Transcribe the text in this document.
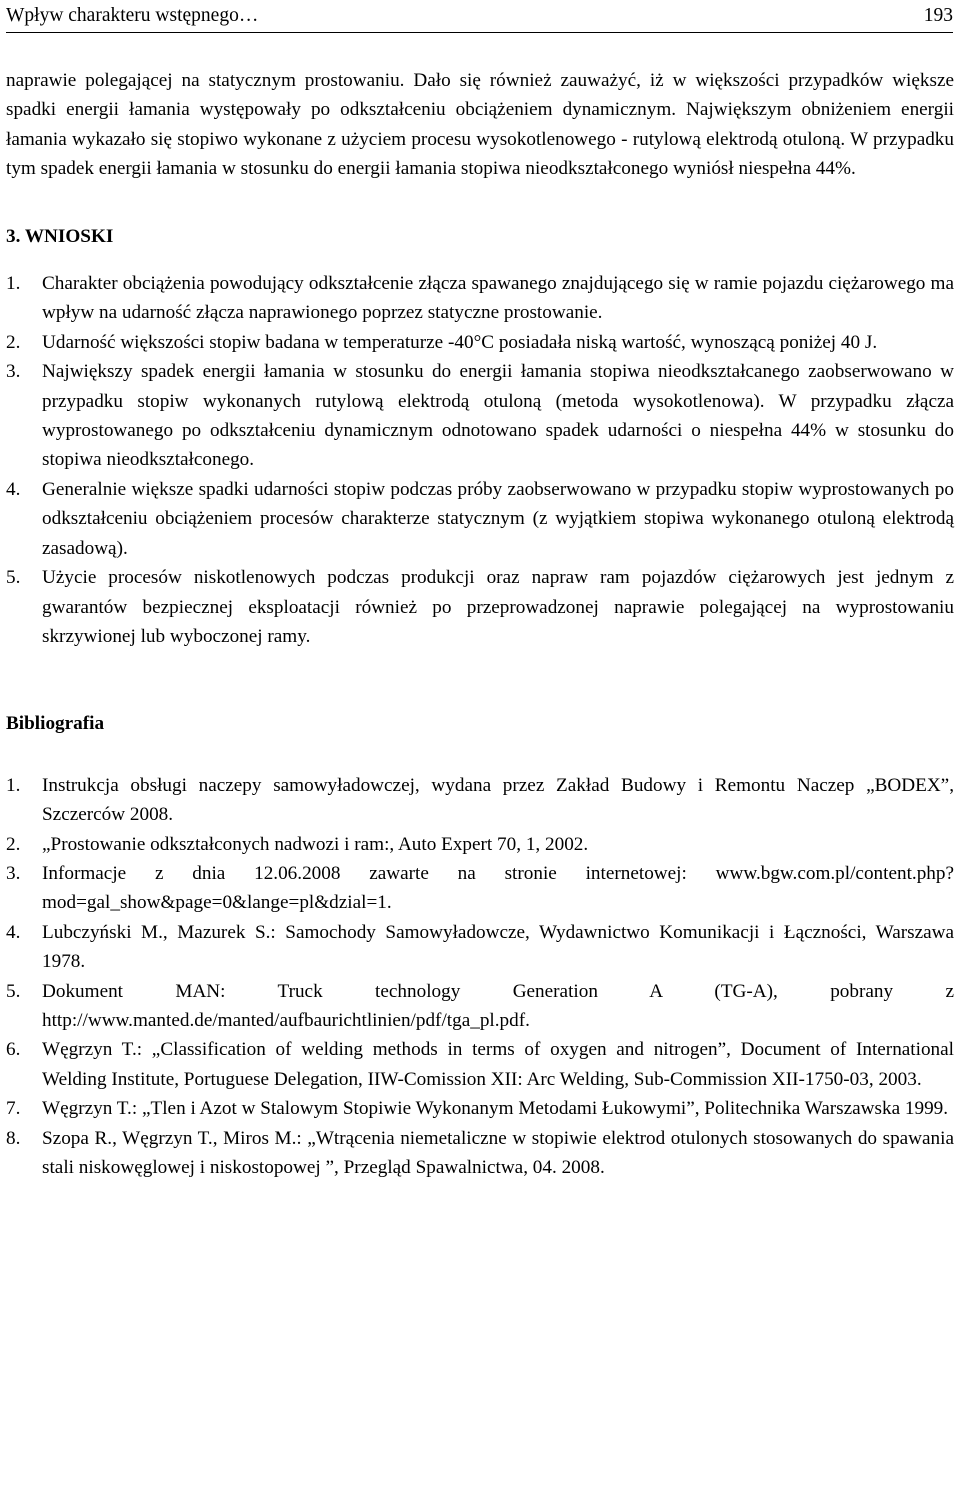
Wpływ charakteru wstępnego…	193

naprawie polegającej na statycznym prostowaniu. Dało się również zauważyć, iż w większości przypadków większe spadki energii łamania występowały po odkształceniu obciążeniem dynamicznym. Największym obniżeniem energii łamania wykazało się stopiwo wykonane z użyciem procesu wysokotlenowego - rutylową elektrodą otuloną. W przypadku tym spadek energii łamania w stosunku do energii łamania stopiwa nieodkształconego wyniósł niespełna 44%.

3. WNIOSKI

1.	Charakter obciążenia powodujący odkształcenie złącza spawanego znajdującego się w ramie pojazdu ciężarowego ma wpływ na udarność złącza naprawionego poprzez statyczne prostowanie.
2.	Udarność większości stopiw badana w temperaturze -40°C posiadała niską wartość, wynoszącą poniżej 40 J.
3.	Największy spadek energii łamania w stosunku do energii łamania stopiwa nieodkształcanego zaobserwowano w przypadku stopiw wykonanych rutylową elektrodą otuloną (metoda wysokotlenowa). W przypadku złącza wyprostowanego po odkształceniu dynamicznym odnotowano spadek udarności o niespełna 44% w stosunku do stopiwa nieodkształconego.
4.	Generalnie większe spadki udarności stopiw podczas próby zaobserwowano w przypadku stopiw wyprostowanych po odkształceniu obciążeniem procesów charakterze statycznym (z wyjątkiem stopiwa wykonanego otuloną elektrodą zasadową).
5.	Użycie procesów niskotlenowych podczas produkcji oraz napraw ram pojazdów ciężarowych jest jednym z gwarantów bezpiecznej eksploatacji również po przeprowadzonej naprawie polegającej na wyprostowaniu skrzywionej lub wyboczonej ramy.

Bibliografia

1.	Instrukcja obsługi naczepy samowyładowczej, wydana przez Zakład Budowy i Remontu Naczep „BODEX”, Szczerców 2008.
2.	„Prostowanie odkształconych nadwozi i ram:, Auto Expert 70, 1, 2002.
3.	Informacje z dnia 12.06.2008 zawarte na stronie internetowej: www.bgw.com.pl/content.php?mod=gal_show&page=0&lange=pl&dzial=1.
4.	Lubczyński M., Mazurek S.: Samochody Samowyładowcze, Wydawnictwo Komunikacji i Łączności, Warszawa 1978.
5.	Dokument MAN: Truck technology Generation A (TG-A), pobrany z http://www.manted.de/manted/aufbaurichtlinien/pdf/tga_pl.pdf.
6.	Węgrzyn T.: „Classification of welding methods in terms of oxygen and nitrogen”, Document of International Welding Institute, Portuguese Delegation, IIW-Comission XII: Arc Welding, Sub-Commission XII-1750-03, 2003.
7.	Węgrzyn T.: „Tlen i Azot w Stalowym Stopiwie Wykonanym Metodami Łukowymi”, Politechnika Warszawska 1999.
8.	Szopa R., Węgrzyn T., Miros M.: „Wtrącenia niemetaliczne w stopiwie elektrod otulonych stosowanych do spawania stali niskowęglowej i niskostopowej ”, Przegląd Spawalnictwa, 04. 2008.
